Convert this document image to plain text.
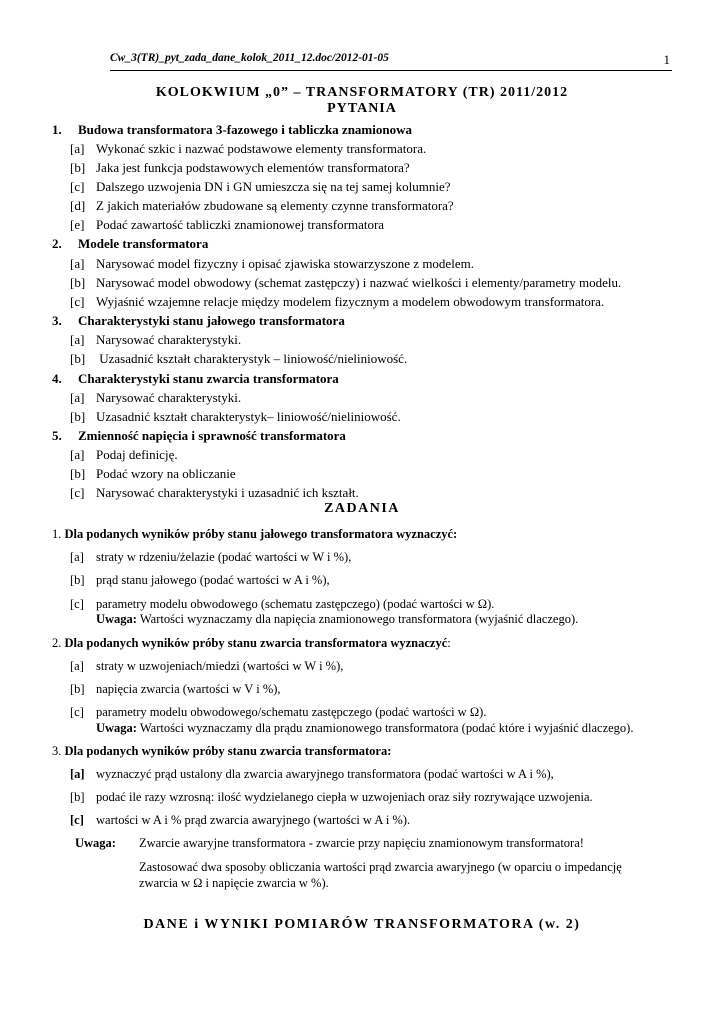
Cw_3(TR)_pyt_zada_dane_kolok_2011_12.doc/2012-01-05	1
KOLOKWIUM „0” – TRANSFORMATORY (TR) 2011/2012
PYTANIA
1. Budowa transformatora 3-fazowego i tabliczka znamionowa
[a] Wykonać szkic i nazwać podstawowe elementy transformatora.
[b] Jaka jest funkcja podstawowych elementów transformatora?
[c] Dalszego uzwojenia DN i GN umieszcza się na tej samej kolumnie?
[d] Z jakich materiałów zbudowane są elementy czynne transformatora?
[e] Podać zawartość tabliczki znamionowej transformatora
2. Modele transformatora
[a] Narysować model fizyczny i opisać zjawiska stowarzyszone z modelem.
[b] Narysować model obwodowy (schemat zastępczy) i nazwać wielkości i elementy/parametry modelu.
[c] Wyjaśnić wzajemne relacje między modelem fizycznym a modelem obwodowym transformatora.
3. Charakterystyki stanu jałowego transformatora
[a] Narysować charakterystyki.
[b] Uzasadnić kształt charakterystyk – liniowość/nieliniowość.
4. Charakterystyki stanu zwarcia transformatora
[a] Narysować charakterystyki.
[b] Uzasadnić kształt charakterystyk– liniowość/nieliniowość.
5. Zmienność napięcia i sprawność transformatora
[a] Podaj definicję.
[b] Podać wzory na obliczanie
[c] Narysować charakterystyki i uzasadnić ich kształt.
ZADANIA
1. Dla podanych wyników próby stanu jałowego transformatora wyznaczyć:
[a] straty w rdzeniu/żelazie (podać wartości w W i %),
[b] prąd stanu jałowego (podać wartości w A i %),
[c] parametry modelu obwodowego (schematu zastępczego) (podać wartości w Ω).
Uwaga: Wartości wyznaczamy dla napięcia znamionowego transformatora (wyjaśnić dlaczego).
2. Dla podanych wyników próby stanu zwarcia transformatora wyznaczyć:
[a] straty w uzwojeniach/miedzi (wartości w W i %),
[b] napięcia zwarcia (wartości w V i %),
[c] parametry modelu obwodowego/schematu zastępczego (podać wartości w Ω).
Uwaga: Wartości wyznaczamy dla prądu znamionowego transformatora (podać które i wyjaśnić dlaczego).
3. Dla podanych wyników próby stanu zwarcia transformatora:
[a] wyznaczyć prąd ustalony dla zwarcia awaryjnego transformatora (podać wartości w A i %),
[b] podać ile razy wzrosną: ilość wydzielanego ciepła w uzwojeniach oraz siły rozrywające uzwojenia.
[c] wartości w A i % prąd zwarcia awaryjnego (wartości w A i %).
Uwaga: Zwarcie awaryjne transformatora - zwarcie przy napięciu znamionowym transformatora!
Zastosować dwa sposoby obliczania wartości prąd zwarcia awaryjnego (w oparciu o impedancję
zwarcia w Ω i napięcie zwarcia w %).
DANE i WYNIKI POMIARÓW TRANSFORMATORA (w. 2)
